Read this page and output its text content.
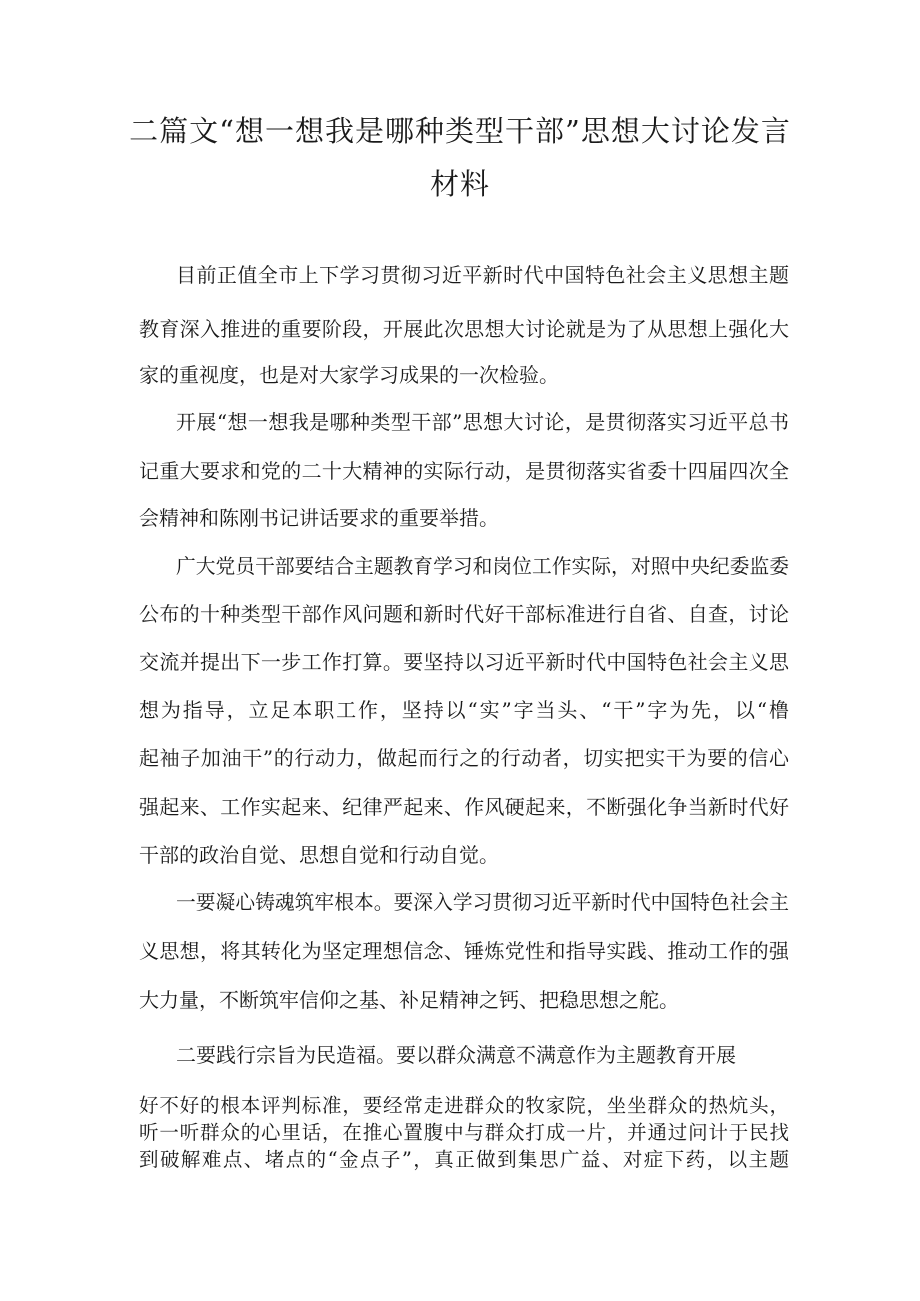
二篇文“想一想我是哪种类型干部”思想大讨论发言
材料

目前正值全市上下学习贯彻习近平新时代中国特色社会主义思想主题

教育深入推进的重要阶段，开展此次思想大讨论就是为了从思想上强化大

家的重视度，也是对大家学习成果的一次检验。

开展“想一想我是哪种类型干部”思想大讨论，是贯彻落实习近平总书

记重大要求和党的二十大精神的实际行动，是贯彻落实省委十四届四次全

会精神和陈刚书记讲话要求的重要举措。

广大党员干部要结合主题教育学习和岗位工作实际，对照中央纪委监委

公布的十种类型干部作风问题和新时代好干部标准进行自省、自查，讨论

交流并提出下一步工作打算。要坚持以习近平新时代中国特色社会主义思

想为指导，立足本职工作，坚持以“实”字当头、“干”字为先，以“橹

起袖子加油干”的行动力，做起而行之的行动者，切实把实干为要的信心

强起来、工作实起来、纪律严起来、作风硬起来，不断强化争当新时代好

干部的政治自觉、思想自觉和行动自觉。

一要凝心铸魂筑牢根本。要深入学习贯彻习近平新时代中国特色社会主

义思想，将其转化为坚定理想信念、锤炼党性和指导实践、推动工作的强

大力量，不断筑牢信仰之基、补足精神之钙、把稳思想之舵。

二要践行宗旨为民造福。要以群众满意不满意作为主题教育开展

好不好的根本评判标准，要经常走进群众的牧家院，坐坐群众的热炕头，

听一听群众的心里话，在推心置腹中与群众打成一片，并通过问计于民找

到破解难点、堵点的“金点子”，真正做到集思广益、对症下药，以主题
